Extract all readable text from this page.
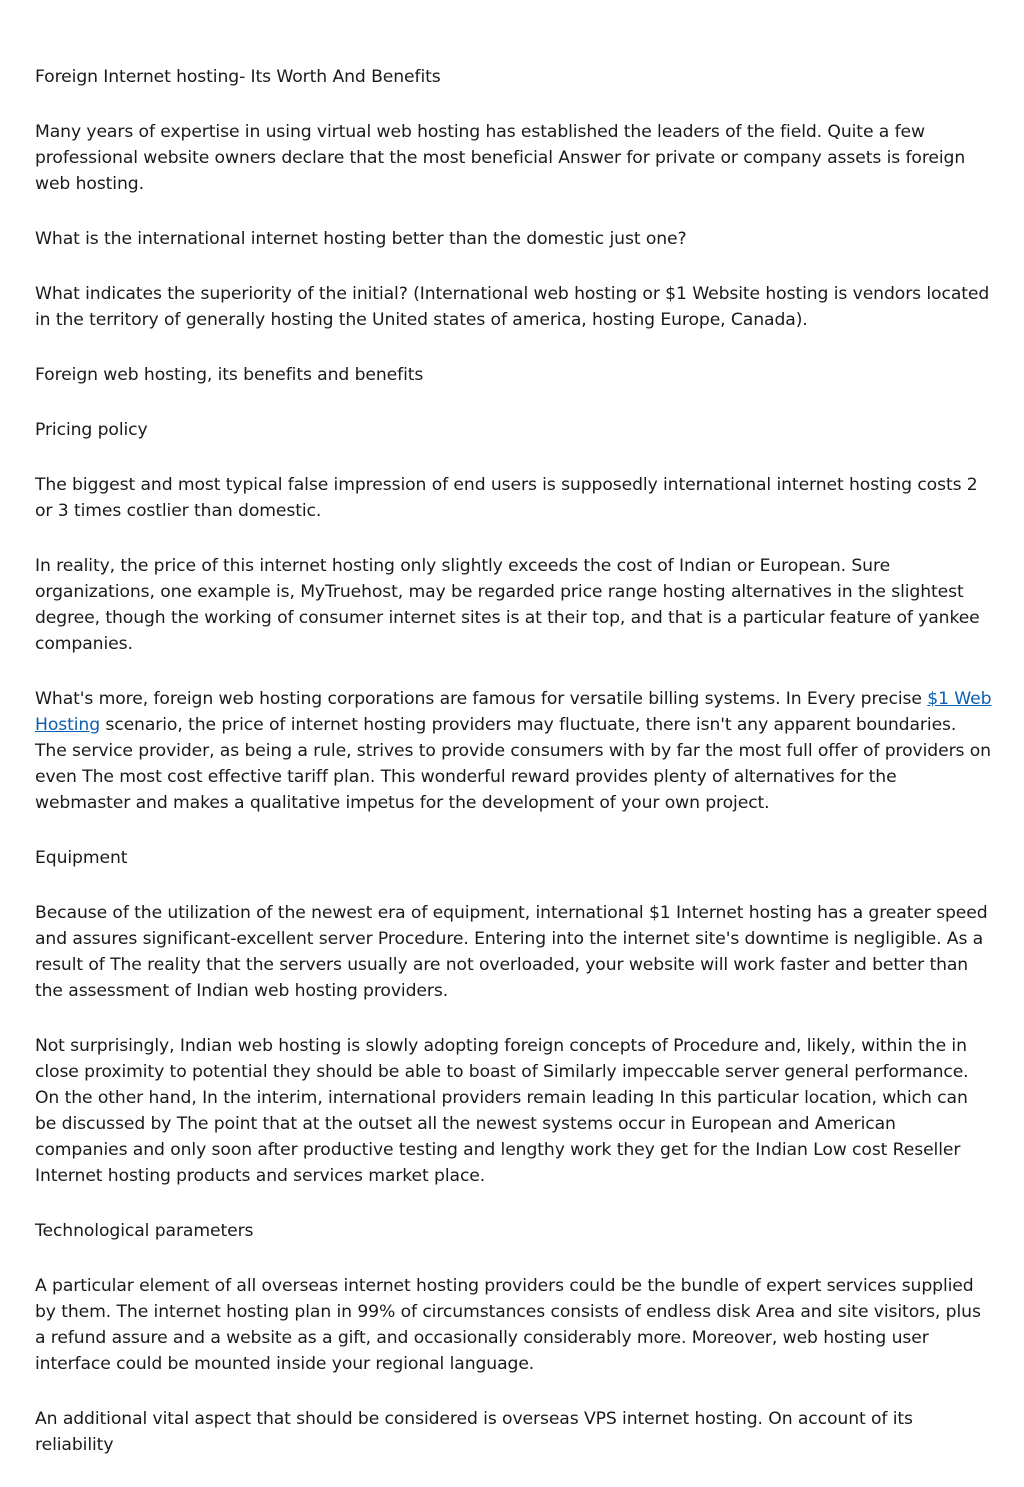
Foreign Internet hosting- Its Worth And Benefits

Many years of expertise in using virtual web hosting has established the leaders of the field. Quite a few professional website owners declare that the most beneficial Answer for private or company assets is foreign web hosting.

What is the international internet hosting better than the domestic just one?

What indicates the superiority of the initial? (International web hosting or $1 Website hosting is vendors located in the territory of generally hosting the United states of america, hosting Europe, Canada).

Foreign web hosting, its benefits and benefits

Pricing policy

The biggest and most typical false impression of end users is supposedly international internet hosting costs 2 or 3 times costlier than domestic.

In reality, the price of this internet hosting only slightly exceeds the cost of Indian or European. Sure organizations, one example is, MyTruehost, may be regarded price range hosting alternatives in the slightest degree, though the working of consumer internet sites is at their top, and that is a particular feature of yankee companies.

What's more, foreign web hosting corporations are famous for versatile billing systems. In Every precise $1 Web Hosting scenario, the price of internet hosting providers may fluctuate, there isn't any apparent boundaries. The service provider, as being a rule, strives to provide consumers with by far the most full offer of providers on even The most cost effective tariff plan. This wonderful reward provides plenty of alternatives for the webmaster and makes a qualitative impetus for the development of your own project.

Equipment

Because of the utilization of the newest era of equipment, international $1 Internet hosting has a greater speed and assures significant-excellent server Procedure. Entering into the internet site's downtime is negligible. As a result of The reality that the servers usually are not overloaded, your website will work faster and better than the assessment of Indian web hosting providers.

Not surprisingly, Indian web hosting is slowly adopting foreign concepts of Procedure and, likely, within the in close proximity to potential they should be able to boast of Similarly impeccable server general performance. On the other hand, In the interim, international providers remain leading In this particular location, which can be discussed by The point that at the outset all the newest systems occur in European and American companies and only soon after productive testing and lengthy work they get for the Indian Low cost Reseller Internet hosting products and services market place.

Technological parameters

A particular element of all overseas internet hosting providers could be the bundle of expert services supplied by them. The internet hosting plan in 99% of circumstances consists of endless disk Area and site visitors, plus a refund assure and a website as a gift, and occasionally considerably more. Moreover, web hosting user interface could be mounted inside your regional language.

An additional vital aspect that should be considered is overseas VPS internet hosting. On account of its reliability
